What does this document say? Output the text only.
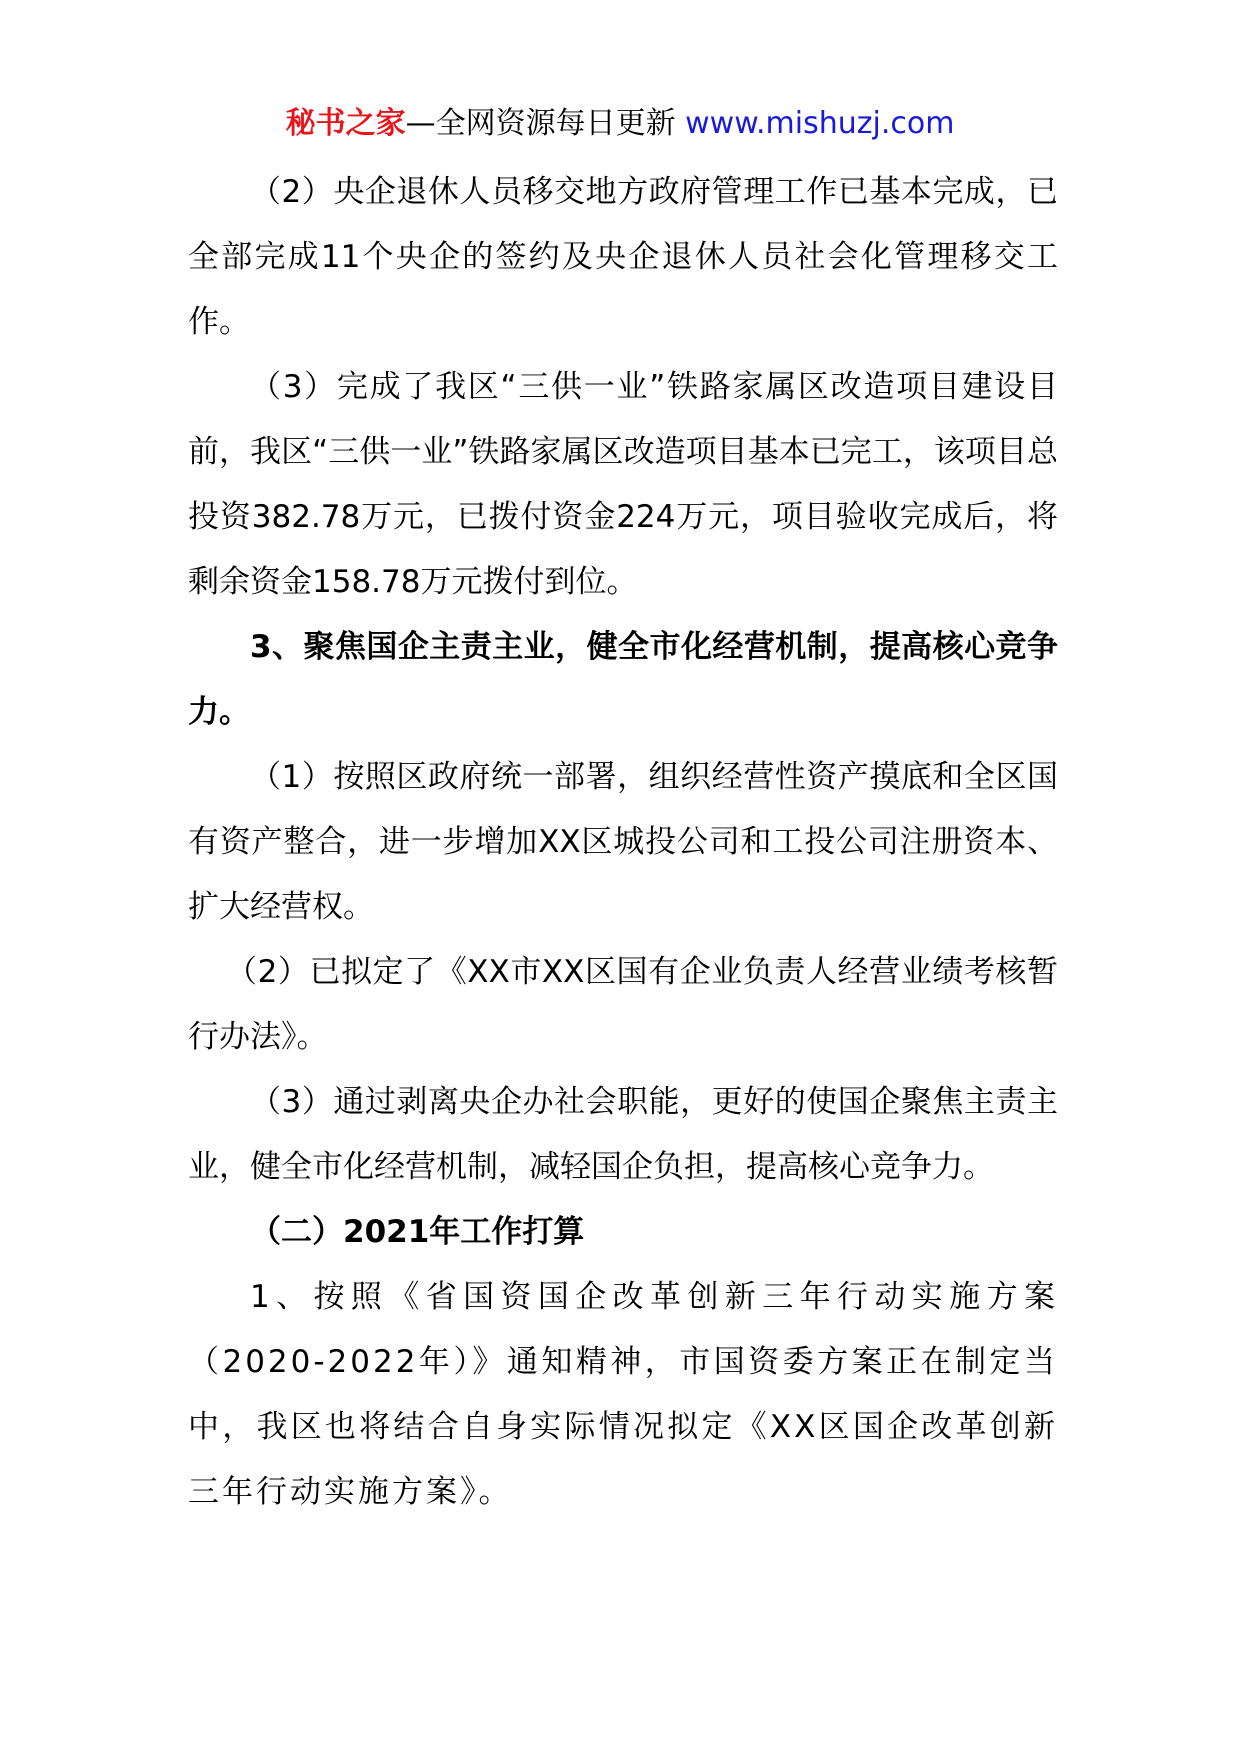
秘书之家—全网资源每日更新 www.mishuzj.com

（2）央企退休人员移交地方政府管理工作已基本完成，已全部完成11个央企的签约及央企退休人员社会化管理移交工作。

（3）完成了我区“三供一业”铁路家属区改造项目建设目前，我区“三供一业”铁路家属区改造项目基本已完工，该项目总投资382.78万元，已拨付资金224万元，项目验收完成后，将剩余资金158.78万元拨付到位。

3、聚焦国企主责主业，健全市化经营机制，提高核心竞争力。

（1）按照区政府统一部署，组织经营性资产摸底和全区国有资产整合，进一步增加XX区城投公司和工投公司注册资本、扩大经营权。

（2）已拟定了《XX市XX区国有企业负责人经营业绩考核暂行办法》。

（3）通过剥离央企办社会职能，更好的使国企聚焦主责主业，健全市化经营机制，减轻国企负担，提高核心竞争力。

（二）2021年工作打算

1、按照《省国资国企改革创新三年行动实施方案（2020-2022年）》通知精神，市国资委方案正在制定当中，我区也将结合自身实际情况拟定《XX区国企改革创新三年行动实施方案》。
